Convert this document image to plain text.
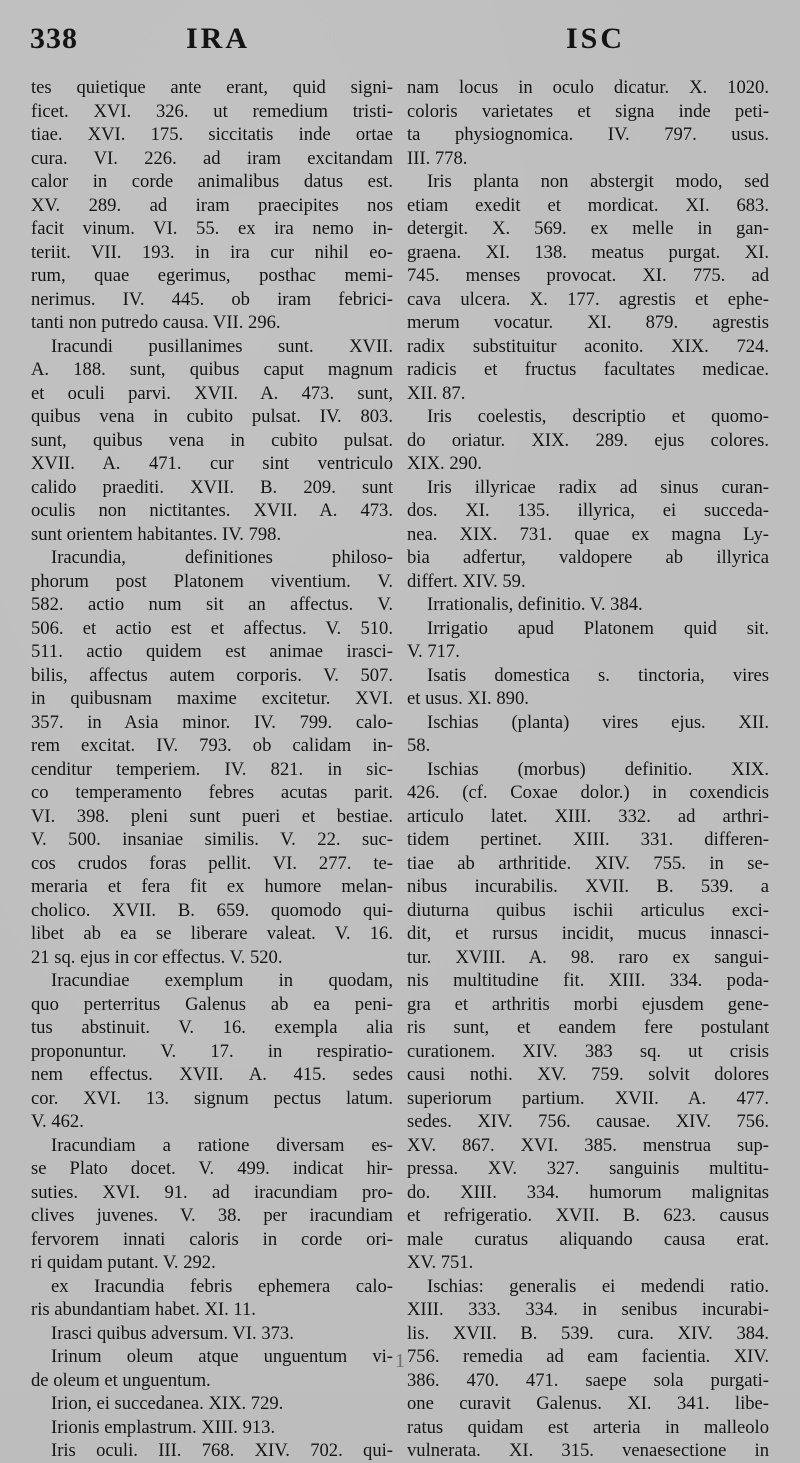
338	IRA	ISC
tes quietique ante erant, quid signi-
ficet. XVI. 326. ut remedium tristi-
tiae. XVI. 175. siccitatis inde ortae
cura. VI. 226. ad iram excitandam
calor in corde animalibus datus est.
XV. 289. ad iram praecipites nos
facit vinum. VI. 55. ex ira nemo in-
teriit. VII. 193. in ira cur nihil eo-
rum, quae egerimus, posthac memi-
nerimus. IV. 445. ob iram febrici-
tanti non putredo causa. VII. 296.
Iracundi pusillanimes sunt. XVII.
A. 188. sunt, quibus caput magnum
et oculi parvi. XVII. A. 473. sunt,
quibus vena in cubito pulsat. IV. 803.
sunt, quibus vena in cubito pulsat.
XVII. A. 471. cur sint ventriculo
calido praediti. XVII. B. 209. sunt
oculis non nictitantes. XVII. A. 473.
sunt orientem habitantes. IV. 798.
Iracundia, definitiones philoso-
phorum post Platonem viventium. V.
582. actio num sit an affectus. V.
506. et actio est et affectus. V. 510.
511. actio quidem est animae irasci-
bilis, affectus autem corporis. V. 507.
in quibusnam maxime excitetur. XVI.
357. in Asia minor. IV. 799. calo-
rem excitat. IV. 793. ob calidam in-
cenditur temperiem. IV. 821. in sic-
co temperamento febres acutas parit.
VI. 398. pleni sunt pueri et bestiae.
V. 500. insaniae similis. V. 22. suc-
cos crudos foras pellit. VI. 277. te-
meraria et fera fit ex humore melan-
cholico. XVII. B. 659. quomodo qui-
libet ab ea se liberare valeat. V. 16.
21 sq. ejus in cor effectus. V. 520.
Iracundiae exemplum in quodam,
quo perterritus Galenus ab ea peni-
tus abstinuit. V. 16. exempla alia
proponuntur. V. 17. in respiratio-
nem effectus. XVII. A. 415. sedes
cor. XVI. 13. signum pectus latum.
V. 462.
Iracundiam a ratione diversam es-
se Plato docet. V. 499. indicat hir-
suties. XVI. 91. ad iracundiam pro-
clives juvenes. V. 38. per iracundiam
fervorem innati caloris in corde ori-
ri quidam putant. V. 292.
ex Iracundia febris ephemera calo-
ris abundantiam habet. XI. 11.
Irasci quibus adversum. VI. 373.
Irinum oleum atque unguentum vi-
de oleum et unguentum.
Irion, ei succedanea. XIX. 729.
Irionis emplastrum. XIII. 913.
Iris oculi. III. 768. XIV. 702. qui-
nam locus in oculo dicatur. X. 1020.
coloris varietates et signa inde peti-
ta physiognomica. IV. 797. usus.
III. 778.
Iris planta non abstergit modo, sed
etiam exedit et mordicat. XI. 683.
detergit. X. 569. ex melle in gan-
graena. XI. 138. meatus purgat. XI.
745. menses provocat. XI. 775. ad
cava ulcera. X. 177. agrestis et ephe-
merum vocatur. XI. 879. agrestis
radix substituitur aconito. XIX. 724.
radicis et fructus facultates medicae.
XII. 87.
Iris coelestis, descriptio et quomo-
do oriatur. XIX. 289. ejus colores.
XIX. 290.
Iris illyricae radix ad sinus curan-
dos. XI. 135. illyrica, ei succeda-
nea. XIX. 731. quae ex magna Ly-
bia adfertur, valdopere ab illyrica
differt. XIV. 59.
Irrationalis, definitio. V. 384.
Irrigatio apud Platonem quid sit.
V. 717.
Isatis domestica s. tinctoria, vires
et usus. XI. 890.
Ischias (planta) vires ejus. XII.
58.
Ischias (morbus) definitio. XIX.
426. (cf. Coxae dolor.) in coxendicis
articulo latet. XIII. 332. ad arthri-
tidem pertinet. XIII. 331. differen-
tiae ab arthritide. XIV. 755. in se-
nibus incurabilis. XVII. B. 539. a
diuturna quibus ischii articulus exci-
dit, et rursus incidit, mucus innasci-
tur. XVIII. A. 98. raro ex sangui-
nis multitudine fit. XIII. 334. poda-
gra et arthritis morbi ejusdem gene-
ris sunt, et eandem fere postulant
curationem. XIV. 383 sq. ut crisis
causi nothi. XV. 759. solvit dolores
superiorum partium. XVII. A. 477.
sedes. XIV. 756. causae. XIV. 756.
XV. 867. XVI. 385. menstrua sup-
pressa. XV. 327. sanguinis multitu-
do. XIII. 334. humorum malignitas
et refrigeratio. XVII. B. 623. causus
male curatus aliquando causa erat.
XV. 751.
Ischias: generalis ei medendi ratio.
XIII. 333. 334. in senibus incurabi-
lis. XVII. B. 539. cura. XIV. 384.
756. remedia ad eam facientia. XIV.
386. 470. 471. saepe sola purgati-
one curavit Galenus. XI. 341. libe-
ratus quidam est arteria in malleolo
vulnerata. XI. 315. venaesectione in
1
